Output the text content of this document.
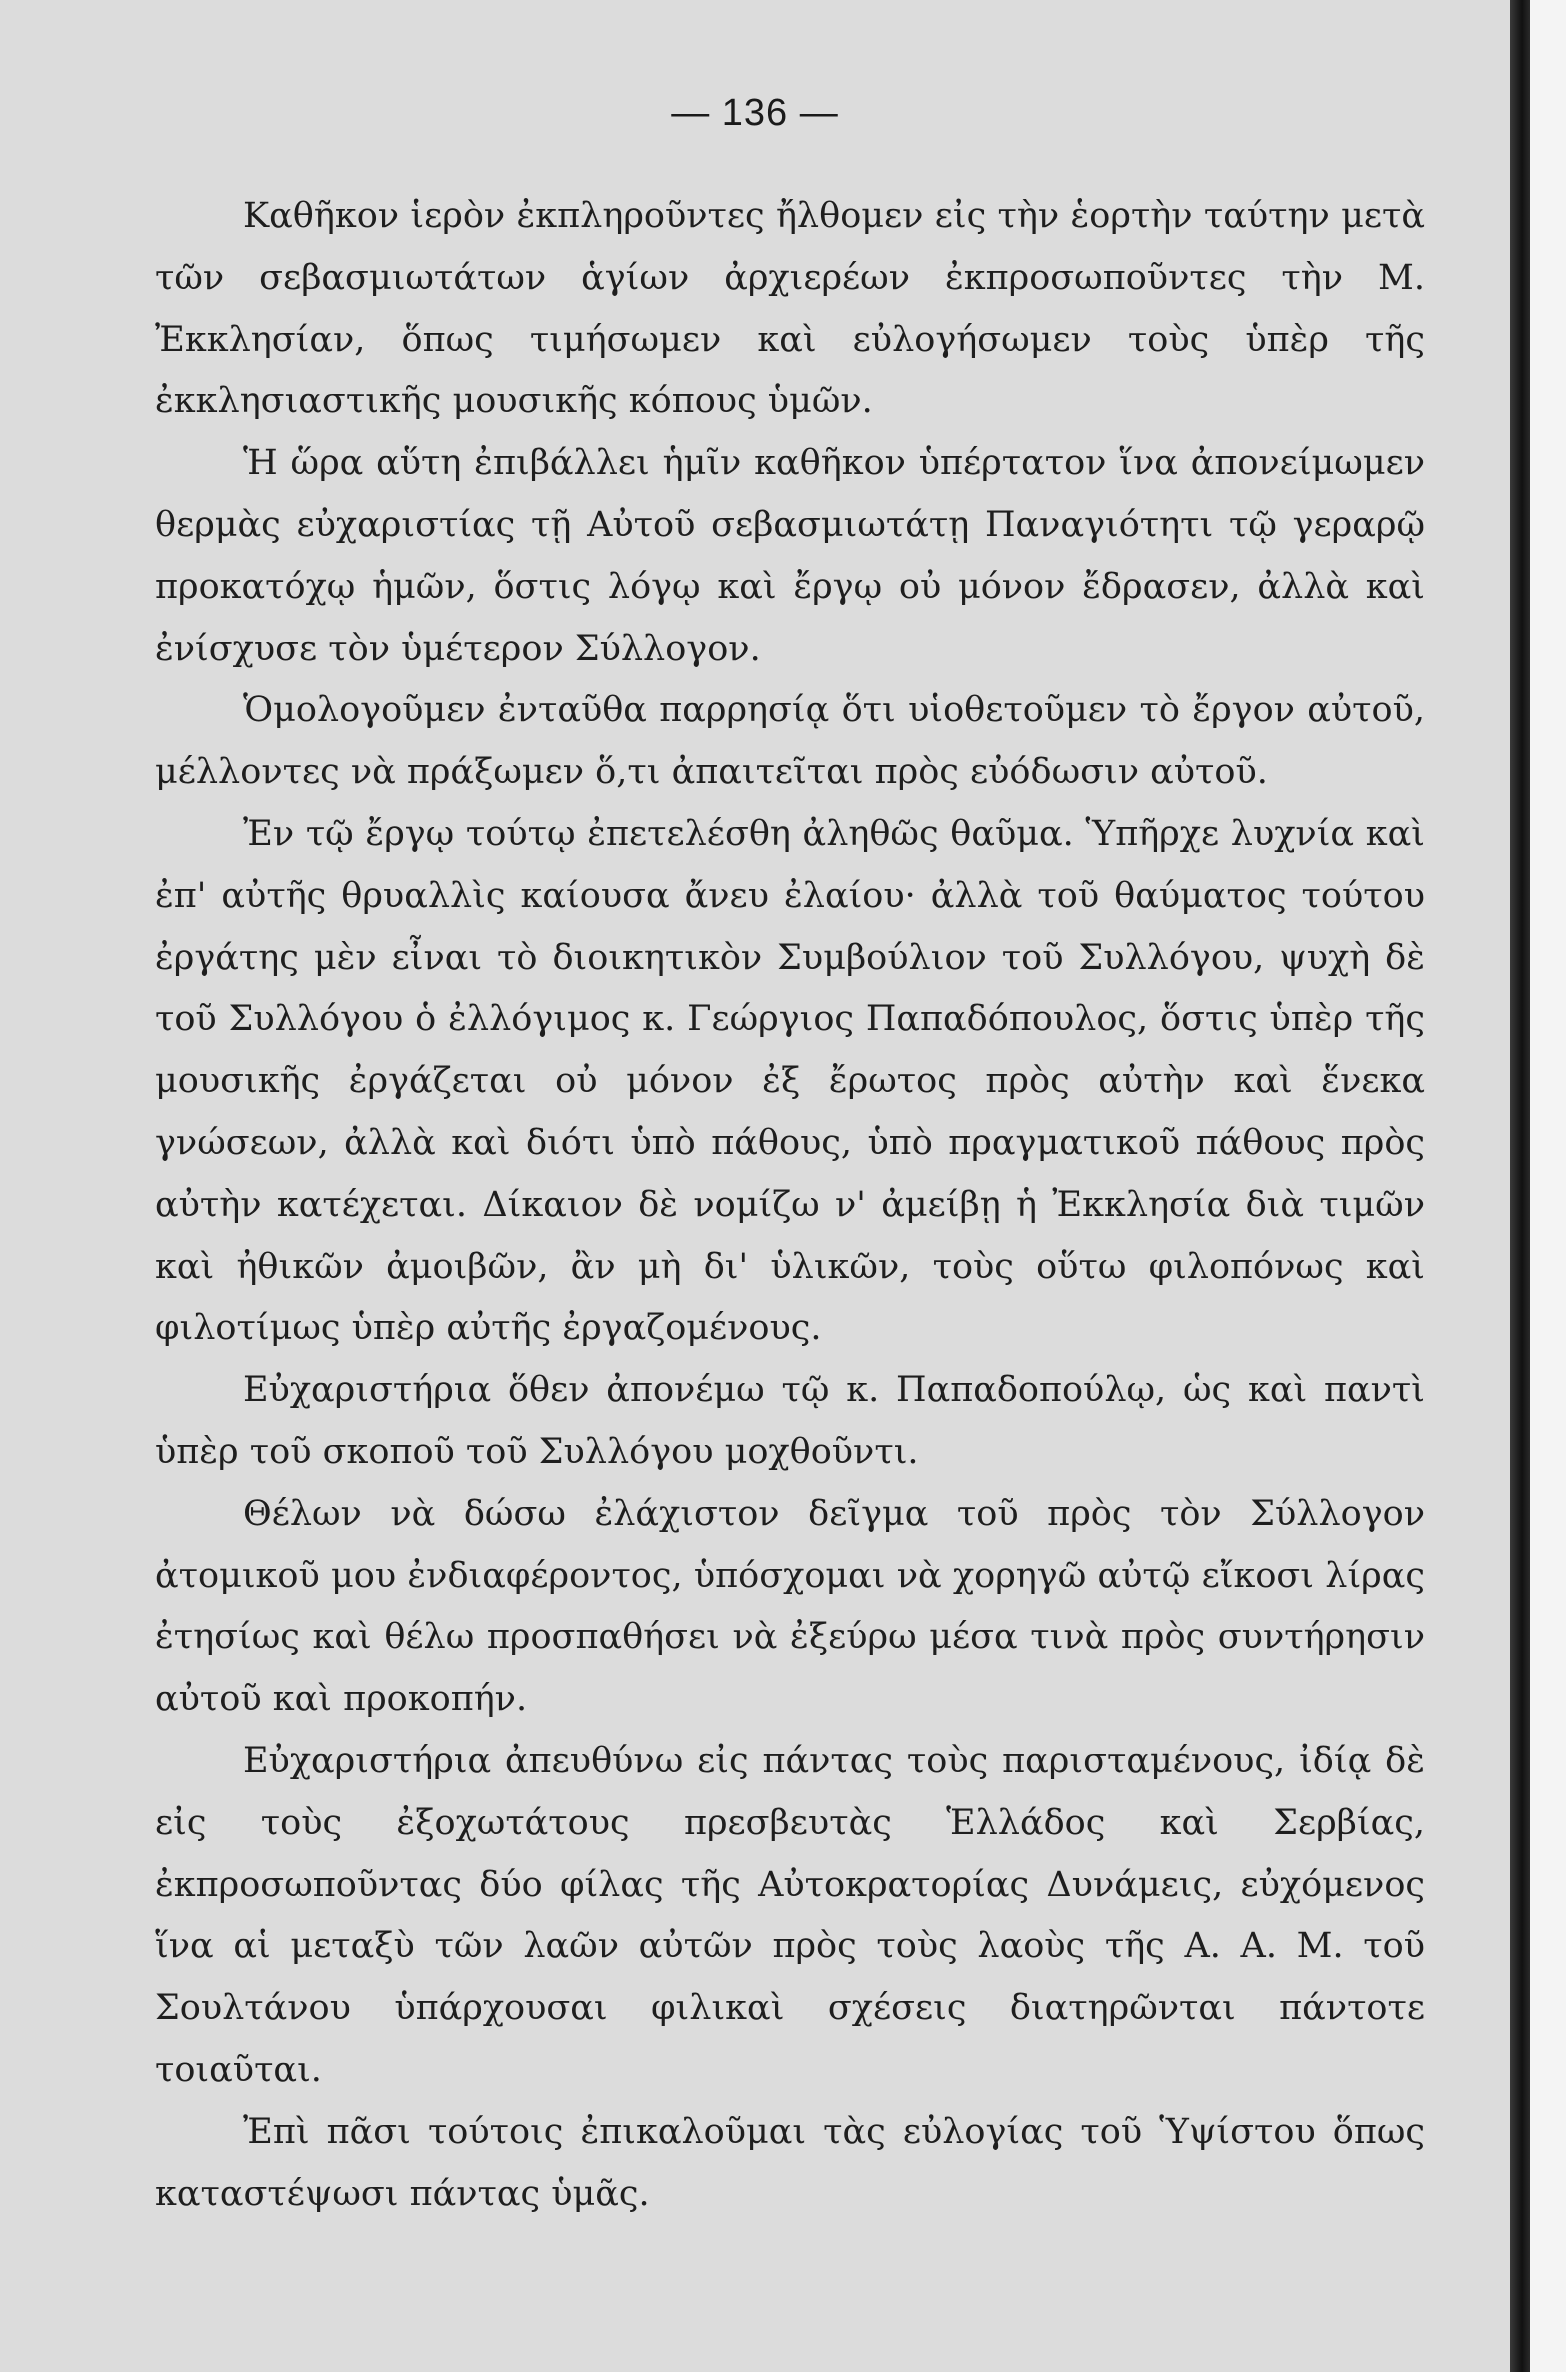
— 136 —

Καθῆκον ἱερὸν ἐκπληροῦντες ἤλθομεν εἰς τὴν ἑορτὴν ταύτην μετὰ τῶν σεβασμιωτάτων ἁγίων ἀρχιερέων ἐκπροσωποῦντες τὴν Μ. Ἐκκλησίαν, ὅπως τιμήσωμεν καὶ εὐλογήσωμεν τοὺς ὑπὲρ τῆς ἐκκλησιαστικῆς μουσικῆς κόπους ὑμῶν.

Ἡ ὥρα αὕτη ἐπιβάλλει ἡμῖν καθῆκον ὑπέρτατον ἵνα ἀπονείμωμεν θερμὰς εὐχαριστίας τῇ Αὐτοῦ σεβασμιωτάτῃ Παναγιότητι τῷ γεραρῷ προκατόχῳ ἡμῶν, ὅστις λόγῳ καὶ ἔργῳ οὐ μόνον ἔδρασεν, ἀλλὰ καὶ ἐνίσχυσε τὸν ὑμέτερον Σύλλογον.

Ὁμολογοῦμεν ἐνταῦθα παρρησίᾳ ὅτι υἱοθετοῦμεν τὸ ἔργον αὐτοῦ, μέλλοντες νὰ πράξωμεν ὅ,τι ἀπαιτεῖται πρὸς εὐόδωσιν αὐτοῦ.

Ἐν τῷ ἔργῳ τούτῳ ἐπετελέσθη ἀληθῶς θαῦμα. Ὑπῆρχε λυχνία καὶ ἐπ' αὐτῆς θρυαλλὶς καίουσα ἄνευ ἐλαίου· ἀλλὰ τοῦ θαύματος τούτου ἐργάτης μὲν εἶναι τὸ διοικητικὸν Συμβούλιον τοῦ Συλλόγου, ψυχὴ δὲ τοῦ Συλλόγου ὁ ἐλλόγιμος κ. Γεώργιος Παπαδόπουλος, ὅστις ὑπὲρ τῆς μουσικῆς ἐργάζεται οὐ μόνον ἐξ ἔρωτος πρὸς αὐτὴν καὶ ἕνεκα γνώσεων, ἀλλὰ καὶ διότι ὑπὸ πάθους, ὑπὸ πραγματικοῦ πάθους πρὸς αὐτὴν κατέχεται. Δίκαιον δὲ νομίζω ν' ἀμείβῃ ἡ Ἐκκλησία διὰ τιμῶν καὶ ἠθικῶν ἀμοιβῶν, ἂν μὴ δι' ὑλικῶν, τοὺς οὕτω φιλοπόνως καὶ φιλοτίμως ὑπὲρ αὐτῆς ἐργαζομένους.

Εὐχαριστήρια ὅθεν ἀπονέμω τῷ κ. Παπαδοπούλῳ, ὡς καὶ παντὶ ὑπὲρ τοῦ σκοποῦ τοῦ Συλλόγου μοχθοῦντι.

Θέλων νὰ δώσω ἐλάχιστον δεῖγμα τοῦ πρὸς τὸν Σύλλογον ἀτομικοῦ μου ἐνδιαφέροντος, ὑπόσχομαι νὰ χορηγῶ αὐτῷ εἴκοσι λίρας ἐτησίως καὶ θέλω προσπαθήσει νὰ ἐξεύρω μέσα τινὰ πρὸς συντήρησιν αὐτοῦ καὶ προκοπήν.

Εὐχαριστήρια ἀπευθύνω εἰς πάντας τοὺς παρισταμένους, ἰδίᾳ δὲ εἰς τοὺς ἐξοχωτάτους πρεσβευτὰς Ἑλλάδος καὶ Σερβίας, ἐκπροσωποῦντας δύο φίλας τῆς Αὐτοκρατορίας Δυνάμεις, εὐχόμενος ἵνα αἱ μεταξὺ τῶν λαῶν αὐτῶν πρὸς τοὺς λαοὺς τῆς Α. Α. Μ. τοῦ Σουλτάνου ὑπάρχουσαι φιλικαὶ σχέσεις διατηρῶνται πάντοτε τοιαῦται.

Ἐπὶ πᾶσι τούτοις ἐπικαλοῦμαι τὰς εὐλογίας τοῦ Ὑψίστου ὅπως καταστέψωσι πάντας ὑμᾶς.
